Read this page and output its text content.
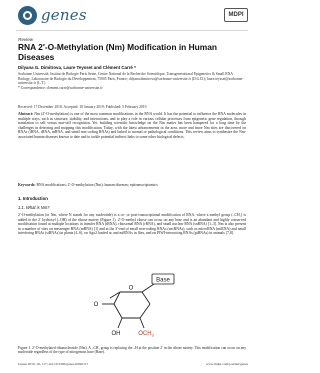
genes	MDPI
Review
RNA 2′-O-Methylation (Nm) Modification in Human Diseases
Dilyana G. Dimitrova, Laure Teysset and Clément Carré *
Sorbonne Université, Institut de Biologie Paris Seine, Centre National de la Recherche Scientifique, Transgenerational Epigenetics & Small RNA Biology, Laboratoire de Biologie du Développement, 75005 Paris, France; dilyana.dimitrova@sorbonne-universite.fr (D.G.D.); laure.teysset@sorbonne-universite.fr (L.T.)
* Correspondence: clement.carre@sorbonne-universite.fr
Received: 17 December 2018; Accepted: 18 January 2019; Published: 5 February 2019
Abstract: Nm (2′-O-methylation) is one of the most common modifications in the RNA world. It has the potential to influence the RNA molecules in multiple ways, such as structure, stability, and interactions, and to play a role in various cellular processes from epigenetic gene regulation, through translation to self versus non-self recognition. Yet, building scientific knowledge on the Nm matter has been hampered for a long time by the challenges in detecting and mapping this modification. Today, with the latest advancements in the area, more and more Nm sites are discovered on RNAs (tRNA, rRNA, mRNA, and small non-coding RNAs) and linked to normal or pathological conditions. This review aims to synthesize the Nm-associated human diseases known to date and to tackle potential indirect links to some other biological defects.
Keywords: RNA modifications; 2′-O-methylation (Nm); human diseases; epitranscriptomics
1. Introduction
1.1. What is Nm?
2′-O-methylation (or Nm, where N stands for any nucleotide) is a co- or post-transcriptional modification of RNA, where a methyl group (–CH₃) is added to the 2′ hydroxyl (–OH) of the ribose moiety (Figure 1). 2′-O-methyl ribose can occur on any base and is an abundant and highly conserved modification found at multiple locations in transfer RNA (tRNA), ribosomal RNA (rRNA), and small nuclear RNA (snRNA) [1–3]. Nm is also present in a number of sites on messenger RNA (mRNA) [1] and at the 3′-end of small non-coding RNAs (sncRNAs), such as microRNA (miRNA) and small interfering RNAs (siRNAs) in plants [4–6], on Ago2 loaded ac and miRNAs in flies, and on PIWI-interacting RNAs (piRNAs) in animals [7,8].
Base
O
O
OH	$OCH_3$
Figure 1. 2′-O-methylated ribonucleoside (Nm). A –CH₃ group is replacing the –H at the position 2′ in the ribose moiety. This modification can occur on any nucleotide regardless of the type of nitrogenous base (Base).
Genes 2019, 10, 117; doi:10.3390/genes10020117	www.mdpi.com/journal/genes
